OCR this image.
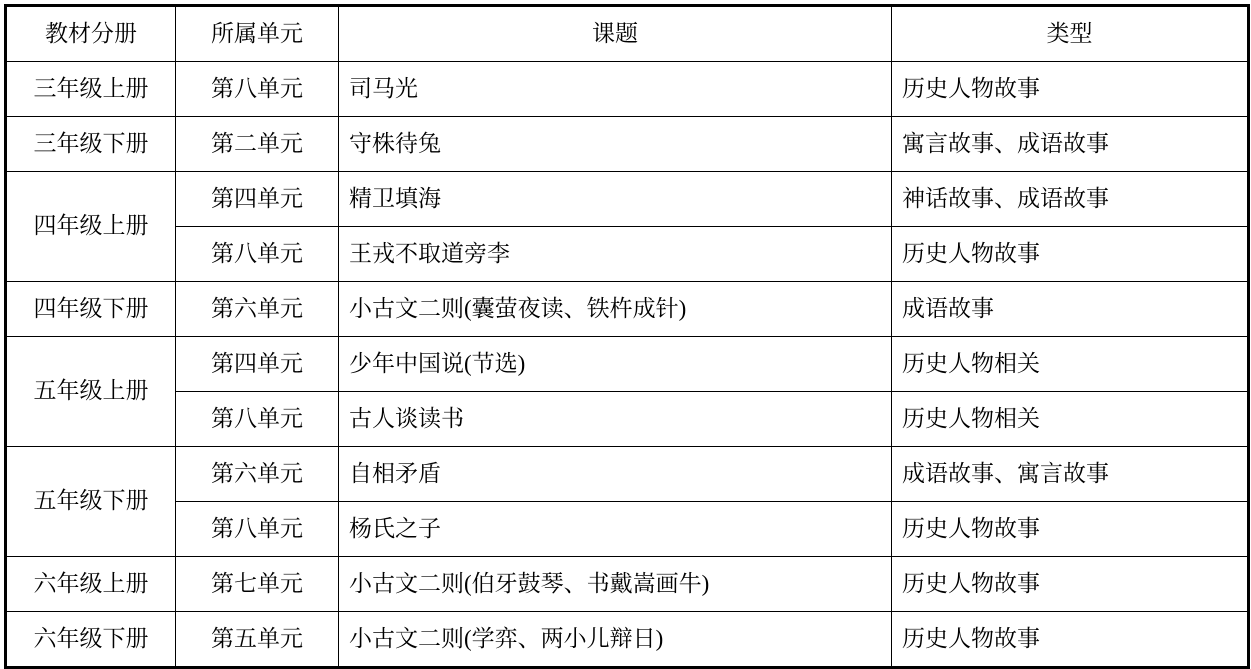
教材分册	所属单元	课题	类型
三年级上册	第八单元	司马光	历史人物故事
三年级下册	第二单元	守株待兔	寓言故事、成语故事
四年级上册	第四单元	精卫填海	神话故事、成语故事
	第八单元	王戎不取道旁李	历史人物故事
四年级下册	第六单元	小古文二则(囊萤夜读、铁杵成针)	成语故事
五年级上册	第四单元	少年中国说(节选)	历史人物相关
	第八单元	古人谈读书	历史人物相关
五年级下册	第六单元	自相矛盾	成语故事、寓言故事
	第八单元	杨氏之子	历史人物故事
六年级上册	第七单元	小古文二则(伯牙鼓琴、书戴嵩画牛)	历史人物故事
六年级下册	第五单元	小古文二则(学弈、两小儿辩日)	历史人物故事
